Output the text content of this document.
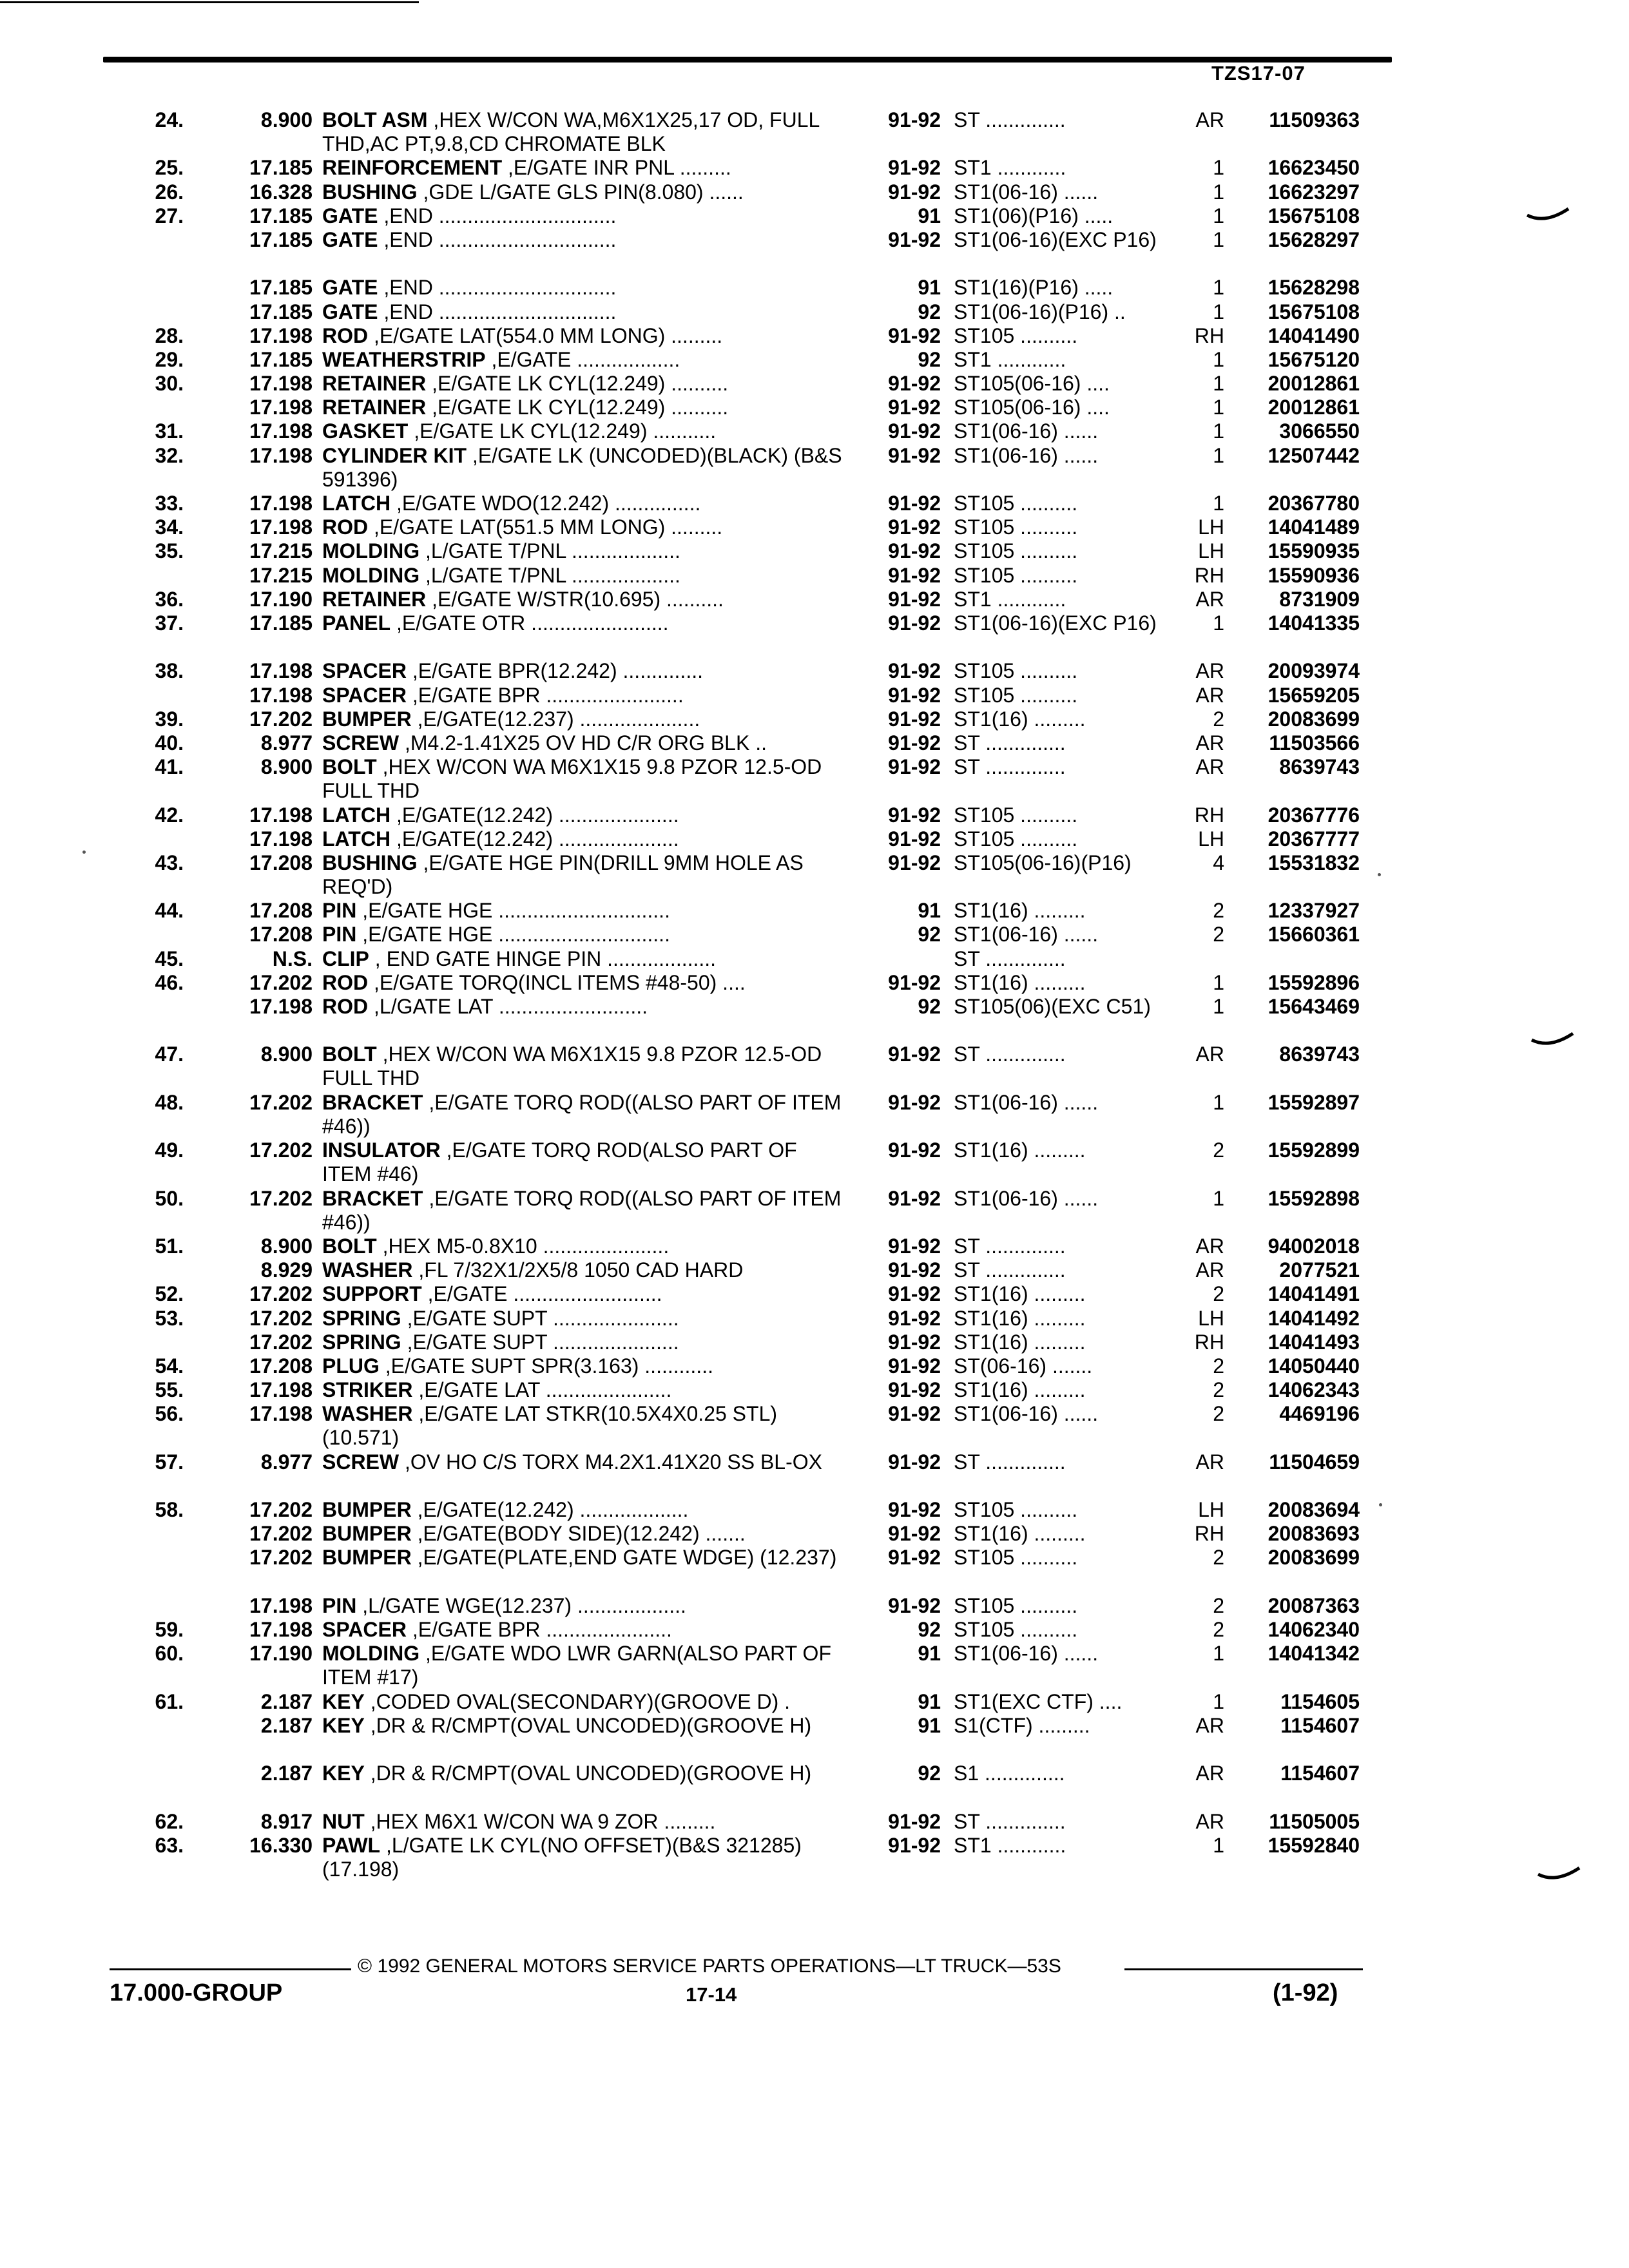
TZS17-07
24.	8.900 BOLT ASM ,HEX W/CON WA,M6X1X25,17 OD, FULL THD,AC PT,9.8,CD CHROMATE BLK
91-92 ST ..............	AR	11509363
25.	17.185 REINFORCEMENT ,E/GATE INR PNL .........	91-92 ST1 ............	1	16623450
26.	16.328 BUSHING ,GDE L/GATE GLS PIN(8.080) ......	91-92 ST1(06-16) ......	1	16623297
27.	17.185 GATE ,END ...............................	91 ST1(06)(P16) .....	1	15675108
17.185 GATE ,END ...............................	91-92 ST1(06-16)(EXC P16)	1	15628297
17.185 GATE ,END ...............................	91 ST1(16)(P16) .....	1	15628298
17.185 GATE ,END ...............................	92 ST1(06-16)(P16) ..	1	15675108
28.	17.198 ROD ,E/GATE LAT(554.0 MM LONG) .........	91-92 ST105 ..........	RH	14041490
29.	17.185 WEATHERSTRIP ,E/GATE ..................	92 ST1 ............	1	15675120
30.	17.198 RETAINER ,E/GATE LK CYL(12.249) ..........	91-92 ST105(06-16) ....	1	20012861
17.198 RETAINER ,E/GATE LK CYL(12.249) ..........	91-92 ST105(06-16) ....	1	20012861
31.	17.198 GASKET ,E/GATE LK CYL(12.249) ...........	91-92 ST1(06-16) ......	1	3066550
32.	17.198 CYLINDER KIT ,E/GATE LK (UNCODED)(BLACK) (B&S 591396)
91-92 ST1(06-16) ......	1	12507442
33.	17.198 LATCH ,E/GATE WDO(12.242) ...............	91-92 ST105 ..........	1	20367780
34.	17.198 ROD ,E/GATE LAT(551.5 MM LONG) .........	91-92 ST105 ..........	LH	14041489
35.	17.215 MOLDING ,L/GATE T/PNL ...................	91-92 ST105 ..........	LH	15590935
17.215 MOLDING ,L/GATE T/PNL ...................	91-92 ST105 ..........	RH	15590936
36.	17.190 RETAINER ,E/GATE W/STR(10.695) ..........	91-92 ST1 ............	AR	8731909
37.	17.185 PANEL ,E/GATE OTR ........................	91-92 ST1(06-16)(EXC P16)	1	14041335
38.	17.198 SPACER ,E/GATE BPR(12.242) ..............	91-92 ST105 ..........	AR	20093974
17.198 SPACER ,E/GATE BPR ........................	91-92 ST105 ..........	AR	15659205
39.	17.202 BUMPER ,E/GATE(12.237) .....................	91-92 ST1(16) .........	2	20083699
40.	8.977 SCREW ,M4.2-1.41X25 OV HD C/R ORG BLK ..	91-92 ST ..............	AR	11503566
41.	8.900 BOLT ,HEX W/CON WA M6X1X15 9.8 PZOR 12.5-OD FULL THD
91-92 ST ..............	AR	8639743
42.	17.198 LATCH ,E/GATE(12.242) .....................	91-92 ST105 ..........	RH	20367776
17.198 LATCH ,E/GATE(12.242) .....................	91-92 ST105 ..........	LH	20367777
43.	17.208 BUSHING ,E/GATE HGE PIN(DRILL 9MM HOLE AS REQ'D)
91-92 ST105(06-16)(P16)	4	15531832
44.	17.208 PIN ,E/GATE HGE ..............................	91 ST1(16) .........	2	12337927
17.208 PIN ,E/GATE HGE ..............................	92 ST1(06-16) ......	2	15660361
45.	N.S. CLIP , END GATE HINGE PIN ...................	ST ..............
46.	17.202 ROD ,E/GATE TORQ(INCL ITEMS #48-50) ....	91-92 ST1(16) .........	1	15592896
17.198 ROD ,L/GATE LAT ..........................	92 ST105(06)(EXC C51)	1	15643469
47.	8.900 BOLT ,HEX W/CON WA M6X1X15 9.8 PZOR 12.5-OD FULL THD
91-92 ST ..............	AR	8639743
48.	17.202 BRACKET ,E/GATE TORQ ROD((ALSO PART OF ITEM #46))
91-92 ST1(06-16) ......	1	15592897
49.	17.202 INSULATOR ,E/GATE TORQ ROD(ALSO PART OF ITEM #46)
91-92 ST1(16) .........	2	15592899
50.	17.202 BRACKET ,E/GATE TORQ ROD((ALSO PART OF ITEM #46))
91-92 ST1(06-16) ......	1	15592898
51.	8.900 BOLT ,HEX M5-0.8X10 ......................	91-92 ST ..............	AR	94002018
8.929 WASHER ,FL 7/32X1/2X5/8 1050 CAD HARD	91-92 ST ..............	AR	2077521
52.	17.202 SUPPORT ,E/GATE ..........................	91-92 ST1(16) .........	2	14041491
53.	17.202 SPRING ,E/GATE SUPT ......................	91-92 ST1(16) .........	LH	14041492
17.202 SPRING ,E/GATE SUPT ......................	91-92 ST1(16) .........	RH	14041493
54.	17.208 PLUG ,E/GATE SUPT SPR(3.163) ............	91-92 ST(06-16) .......	2	14050440
55.	17.198 STRIKER ,E/GATE LAT ......................	91-92 ST1(16) .........	2	14062343
56.	17.198 WASHER ,E/GATE LAT STKR(10.5X4X0.25 STL)(10.571)
91-92 ST1(06-16) ......	2	4469196
57.	8.977 SCREW ,OV HO C/S TORX M4.2X1.41X20 SS BL-OX	91-92 ST ..............	AR	11504659
58.	17.202 BUMPER ,E/GATE(12.242) ...................	91-92 ST105 ..........	LH	20083694
17.202 BUMPER ,E/GATE(BODY SIDE)(12.242) .......	91-92 ST1(16) .........	RH	20083693
17.202 BUMPER ,E/GATE(PLATE,END GATE WDGE) (12.237)	91-92 ST105 ..........	2	20083699
17.198 PIN ,L/GATE WGE(12.237) ...................	91-92 ST105 ..........	2	20087363
59.	17.198 SPACER ,E/GATE BPR ......................	92 ST105 ..........	2	14062340
60.	17.190 MOLDING ,E/GATE WDO LWR GARN(ALSO PART OF ITEM #17)
91 ST1(06-16) ......	1	14041342
61.	2.187 KEY ,CODED OVAL(SECONDARY)(GROOVE D) .	91 ST1(EXC CTF) ....	1	1154605
2.187 KEY ,DR & R/CMPT(OVAL UNCODED)(GROOVE H)	91 S1(CTF) .........	AR	1154607
2.187 KEY ,DR & R/CMPT(OVAL UNCODED)(GROOVE H)	92 S1 ..............	AR	1154607
62.	8.917 NUT ,HEX M6X1 W/CON WA 9 ZOR .........	91-92 ST ..............	AR	11505005
63.	16.330 PAWL ,L/GATE LK CYL(NO OFFSET)(B&S 321285)(17.198)
91-92 ST1 ............	1	15592840
© 1992 GENERAL MOTORS SERVICE PARTS OPERATIONS—LT TRUCK—53S
17.000-GROUP	17-14	(1-92)
